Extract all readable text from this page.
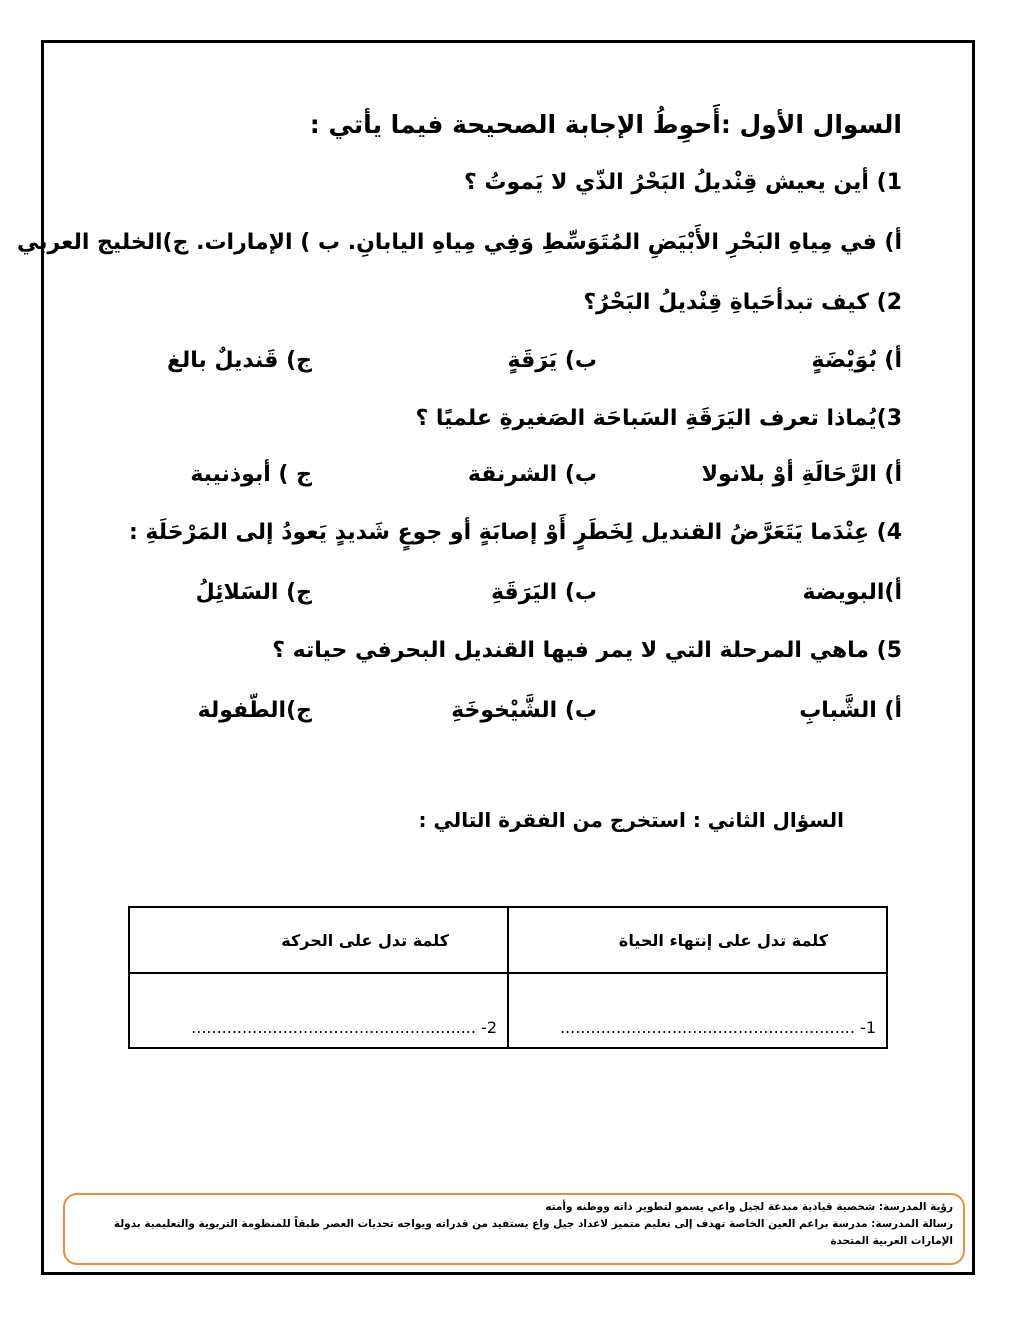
السوال الأول :أَحوِطُ الإجابة الصحيحة فيما يأتي :
1) أين يعيش قِنْديلُ البَحْرُ الذّي لا يَموتُ ؟
أ) في مِياهِ البَحْرِ الأَبْيَضِ المُتَوَسِّطِ وَفِي مِياهِ اليابانِ. ب ) الإمارات. ج)الخليج العربي
2) كيف تبدأحَياةِ قِنْديلُ البَحْرُ؟
أ) بُوَيْضَةٍ
ب) يَرَقَةٍ
ج) قَنديلٌ بالغ
3)يُماذا تعرف اليَرَقَةِ السَباحَة الصَغيرةِ علميًا ؟
أ) الرَّحَالَةِ أوْ بلانولا
ب) الشرنقة
ج ) أبوذنيبة
4) عِنْدَما يَتَعَرَّضُ القنديل لِخَطَرٍ أَوْ إصابَةٍ أو جوعٍ شَديدٍ يَعودُ إلى المَرْحَلَةِ :
أ)البويضة
ب) اليَرَقَةِ
ج) السَلائِلُ
5) ماهي المرحلة التي لا يمر فيها القنديل البحرفي حياته ؟
أ) الشَّبابِ
ب) الشَّيْخوخَةِ
ج)الطّفولة
السؤال الثاني : استخرج من الفقرة التالي :
كلمة تدل على إنتهاء الحياة	كلمة تدل على الحركة
1- ..........................................................	2- ........................................................
رؤية المدرسة: شخصية قيادية مبدعة لجيل واعي يسمو لتطوير ذاته ووطنه وأمته
رسالة المدرسة: مدرسة براعم العين الخاصة تهدف إلى تعليم متميز لاعداد جيل واع يستفيد من قدراته ويواجه تحديات العصر طبقاً للمنظومة التربوية والتعليمية بدولة
الإمارات العربية المتحدة
